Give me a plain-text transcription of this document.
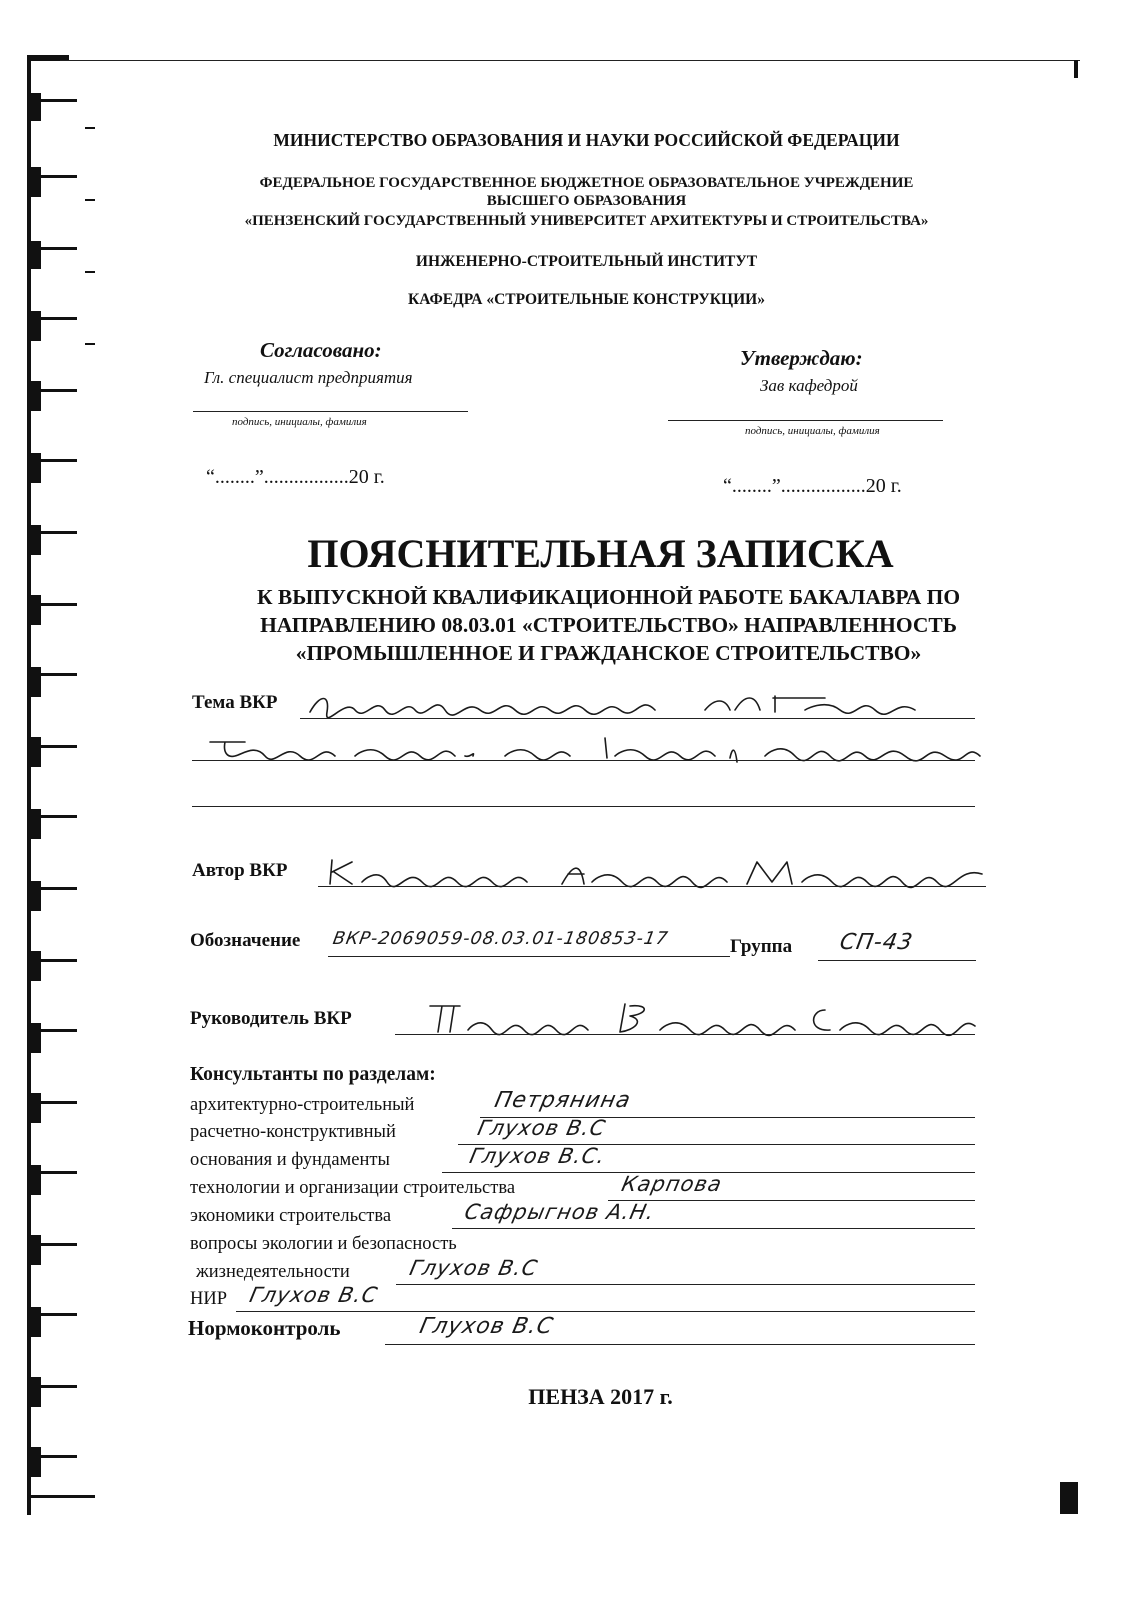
МИНИСТЕРСТВО ОБРАЗОВАНИЯ И НАУКИ РОССИЙСКОЙ ФЕДЕРАЦИИ
ФЕДЕРАЛЬНОЕ ГОСУДАРСТВЕННОЕ БЮДЖЕТНОЕ ОБРАЗОВАТЕЛЬНОЕ УЧРЕЖДЕНИЕ
ВЫСШЕГО ОБРАЗОВАНИЯ
«ПЕНЗЕНСКИЙ ГОСУДАРСТВЕННЫЙ УНИВЕРСИТЕТ АРХИТЕКТУРЫ И СТРОИТЕЛЬСТВА»
ИНЖЕНЕРНО-СТРОИТЕЛЬНЫЙ ИНСТИТУТ
КАФЕДРА «СТРОИТЕЛЬНЫЕ КОНСТРУКЦИИ»
Согласовано:
Гл. специалист предприятия
подпись, инициалы, фамилия
“........”.................20 г.
Утверждаю:
Зав кафедрой
подпись, инициалы, фамилия
“........”.................20 г.
ПОЯСНИТЕЛЬНАЯ ЗАПИСКА
К ВЫПУСКНОЙ КВАЛИФИКАЦИОННОЙ РАБОТЕ БАКАЛАВРА ПО
НАПРАВЛЕНИЮ 08.03.01 «СТРОИТЕЛЬСТВО» НАПРАВЛЕННОСТЬ
«ПРОМЫШЛЕННОЕ И ГРАЖДАНСКОЕ СТРОИТЕЛЬСТВО»
Тема ВКР
Автор ВКР
Обозначение ВКР-2069059-08.03.01-180853-17	Группа СП-43
Руководитель ВКР
Консультанты по разделам:
архитектурно-строительный	Петрянина
расчетно-конструктивный	Глухов В.С
основания и фундаменты	Глухов В.С.
технологии и организации строительства	Карпова
экономики строительства	Сафрыгнов А.Н.
вопросы экологии и безопасность
жизнедеятельности	Глухов В.С
НИР Глухов В.С
Нормоконтроль	Глухов В.С
ПЕНЗА 2017 г.
